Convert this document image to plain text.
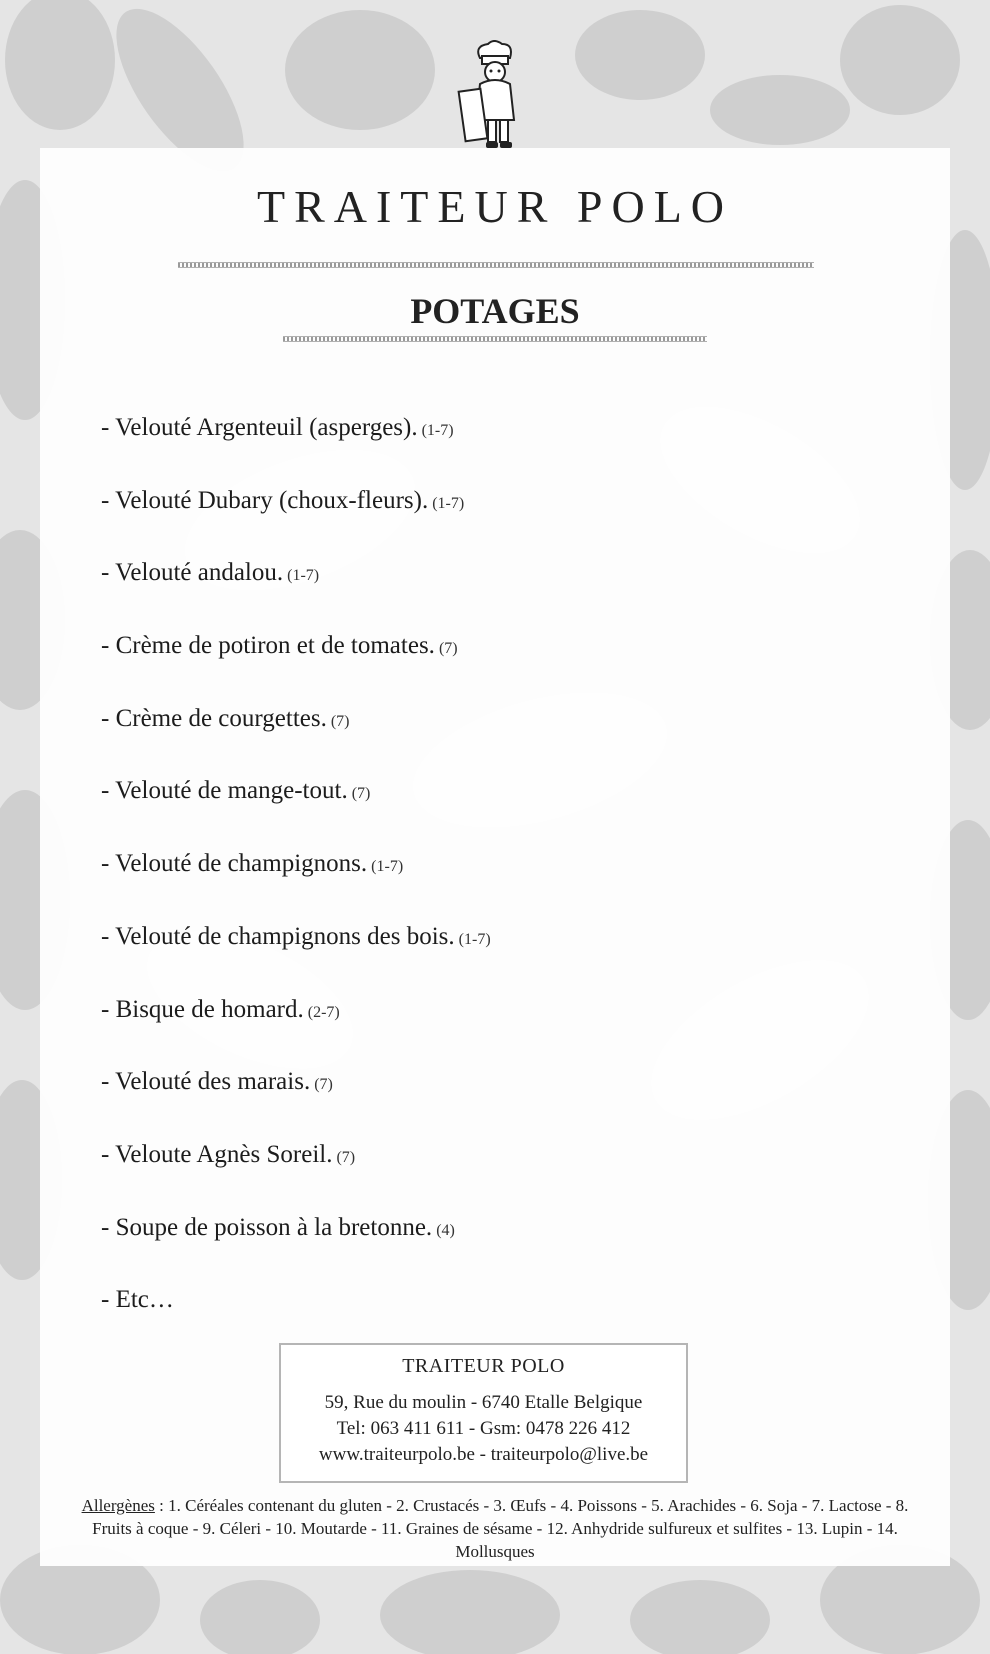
TRAITEUR POLO
POTAGES
- Velouté Argenteuil (asperges). (1-7)
- Velouté Dubary (choux-fleurs). (1-7)
- Velouté andalou. (1-7)
- Crème de potiron et de tomates. (7)
- Crème de courgettes. (7)
- Velouté de mange-tout. (7)
- Velouté de champignons. (1-7)
- Velouté de champignons des bois. (1-7)
- Bisque de homard. (2-7)
- Velouté des marais. (7)
- Veloute Agnès Soreil. (7)
- Soupe de poisson à la bretonne. (4)
- Etc…
TRAITEUR POLO
59, Rue du moulin - 6740 Etalle Belgique
Tel: 063 411 611 - Gsm: 0478 226 412
www.traiteurpolo.be - traiteurpolo@live.be
Allergènes : 1. Céréales contenant du gluten - 2. Crustacés - 3. Œufs - 4. Poissons - 5. Arachides - 6. Soja - 7. Lactose - 8. Fruits à coque - 9. Céleri - 10. Moutarde - 11. Graines de sésame - 12. Anhydride sulfureux et sulfites - 13. Lupin - 14. Mollusques
